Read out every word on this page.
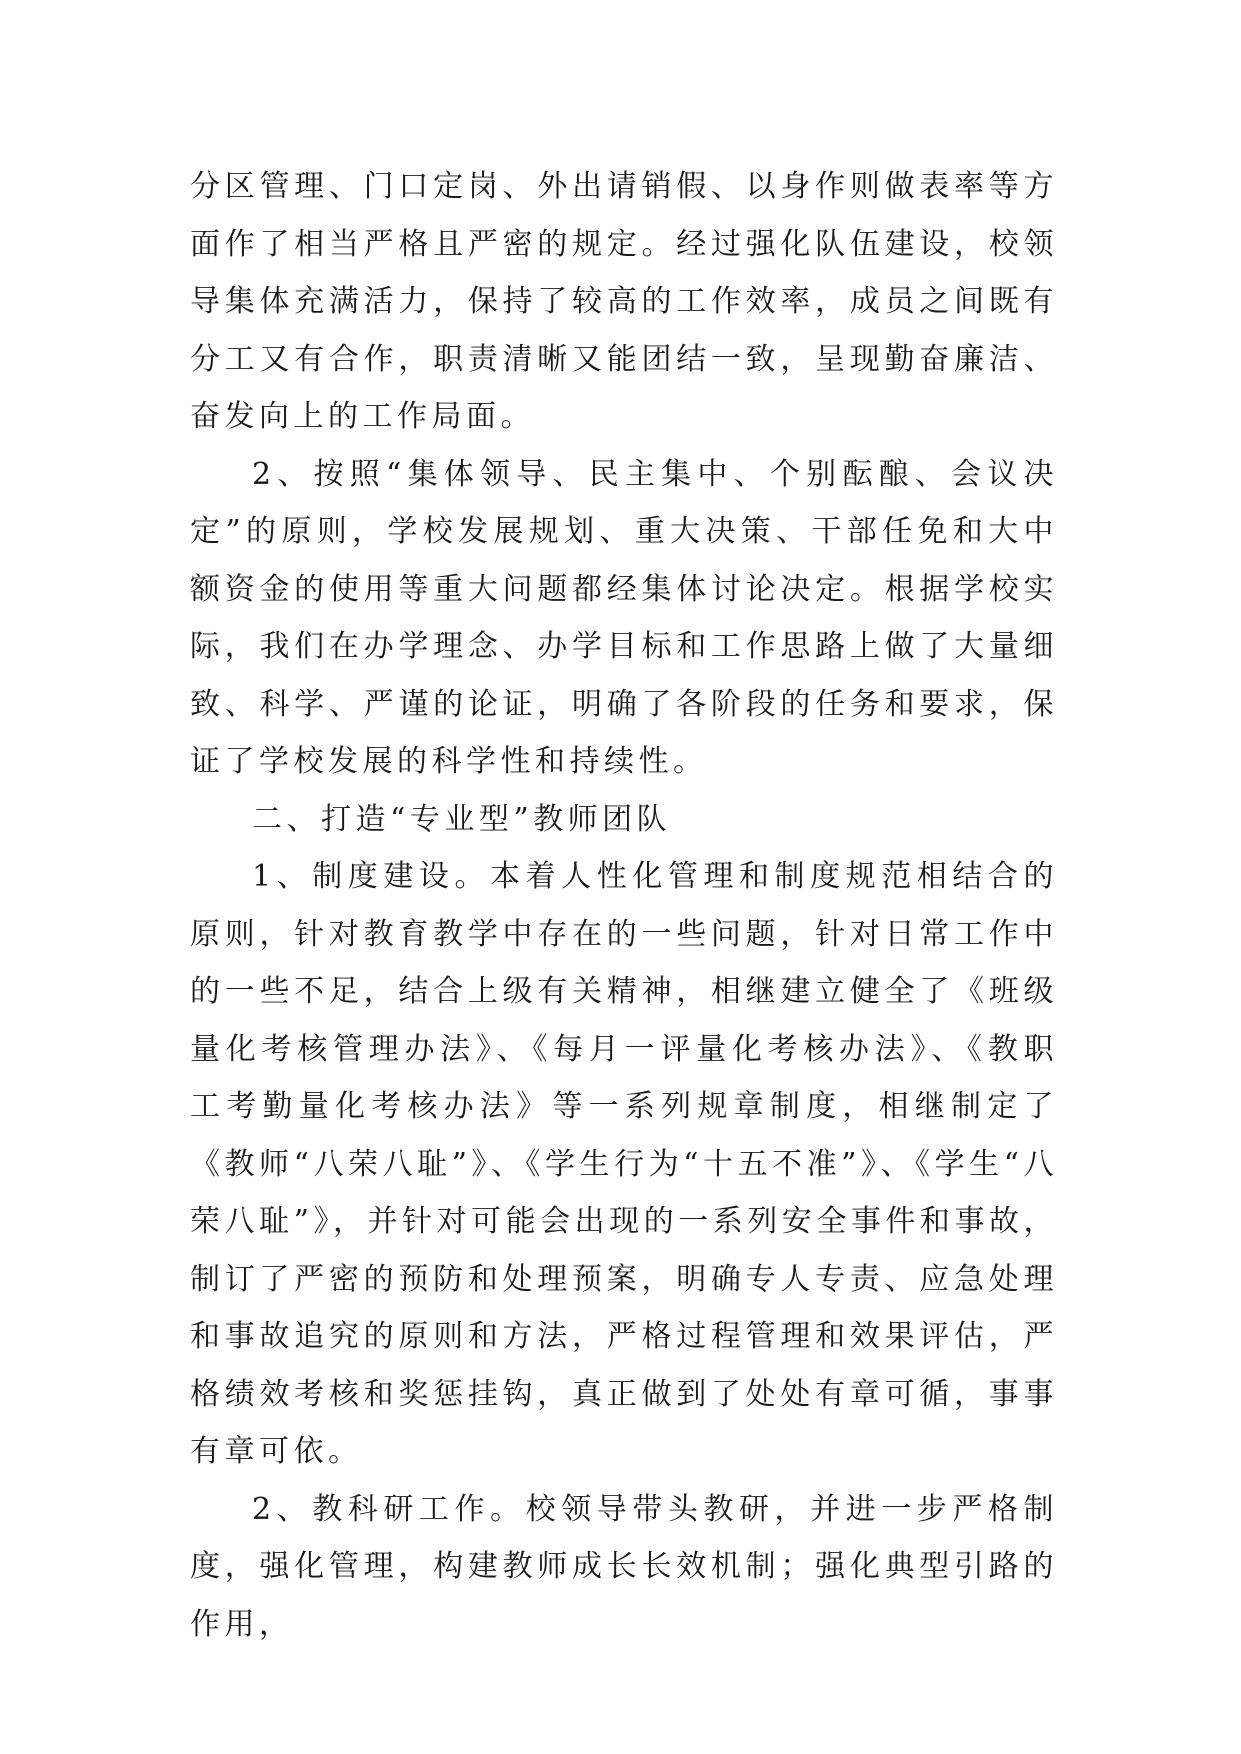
分区管理、门口定岗、外出请销假、以身作则做表率等方面作了相当严格且严密的规定。经过强化队伍建设，校领导集体充满活力，保持了较高的工作效率，成员之间既有分工又有合作，职责清晰又能团结一致，呈现勤奋廉洁、奋发向上的工作局面。

2、按照“集体领导、民主集中、个别酝酿、会议决定”的原则，学校发展规划、重大决策、干部任免和大中额资金的使用等重大问题都经集体讨论决定。根据学校实际，我们在办学理念、办学目标和工作思路上做了大量细致、科学、严谨的论证，明确了各阶段的任务和要求，保证了学校发展的科学性和持续性。

二、打造“专业型”教师团队

1、制度建设。本着人性化管理和制度规范相结合的原则，针对教育教学中存在的一些问题，针对日常工作中的一些不足，结合上级有关精神，相继建立健全了《班级量化考核管理办法》、《每月一评量化考核办法》、《教职工考勤量化考核办法》等一系列规章制度，相继制定了《教师“八荣八耻”》、《学生行为“十五不准”》、《学生“八荣八耻”》，并针对可能会出现的一系列安全事件和事故，制订了严密的预防和处理预案，明确专人专责、应急处理和事故追究的原则和方法，严格过程管理和效果评估，严格绩效考核和奖惩挂钩，真正做到了处处有章可循，事事有章可依。

2、教科研工作。校领导带头教研，并进一步严格制度，强化管理，构建教师成长长效机制；强化典型引路的作用，
